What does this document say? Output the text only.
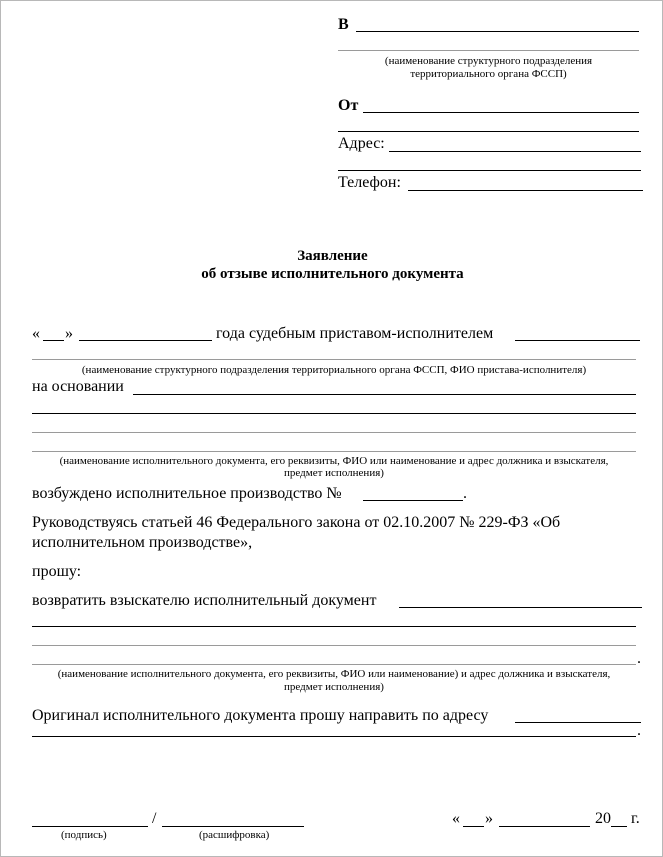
В
(наименование структурного подразделения
территориального органа ФССП)
От
Адрес:
Телефон:
Заявление
об отзыве исполнительного документа
« »	года судебным приставом-исполнителем
(наименование структурного подразделения территориального органа ФССП, ФИО пристава-исполнителя)
на основании
(наименование исполнительного документа, его реквизиты, ФИО или наименование и адрес должника и взыскателя,
предмет исполнения)
возбуждено исполнительное производство №	.
Руководствуясь статьей 46 Федерального закона от 02.10.2007 № 229-ФЗ «Об
исполнительном производстве»,
прошу:
возвратить взыскателю исполнительный документ
.
(наименование исполнительного документа, его реквизиты, ФИО или наименование) и адрес должника и взыскателя,
предмет исполнения)
Оригинал исполнительного документа прошу направить по адресу
.
/
(подпись)	(расшифровка)
« »	20 г.
